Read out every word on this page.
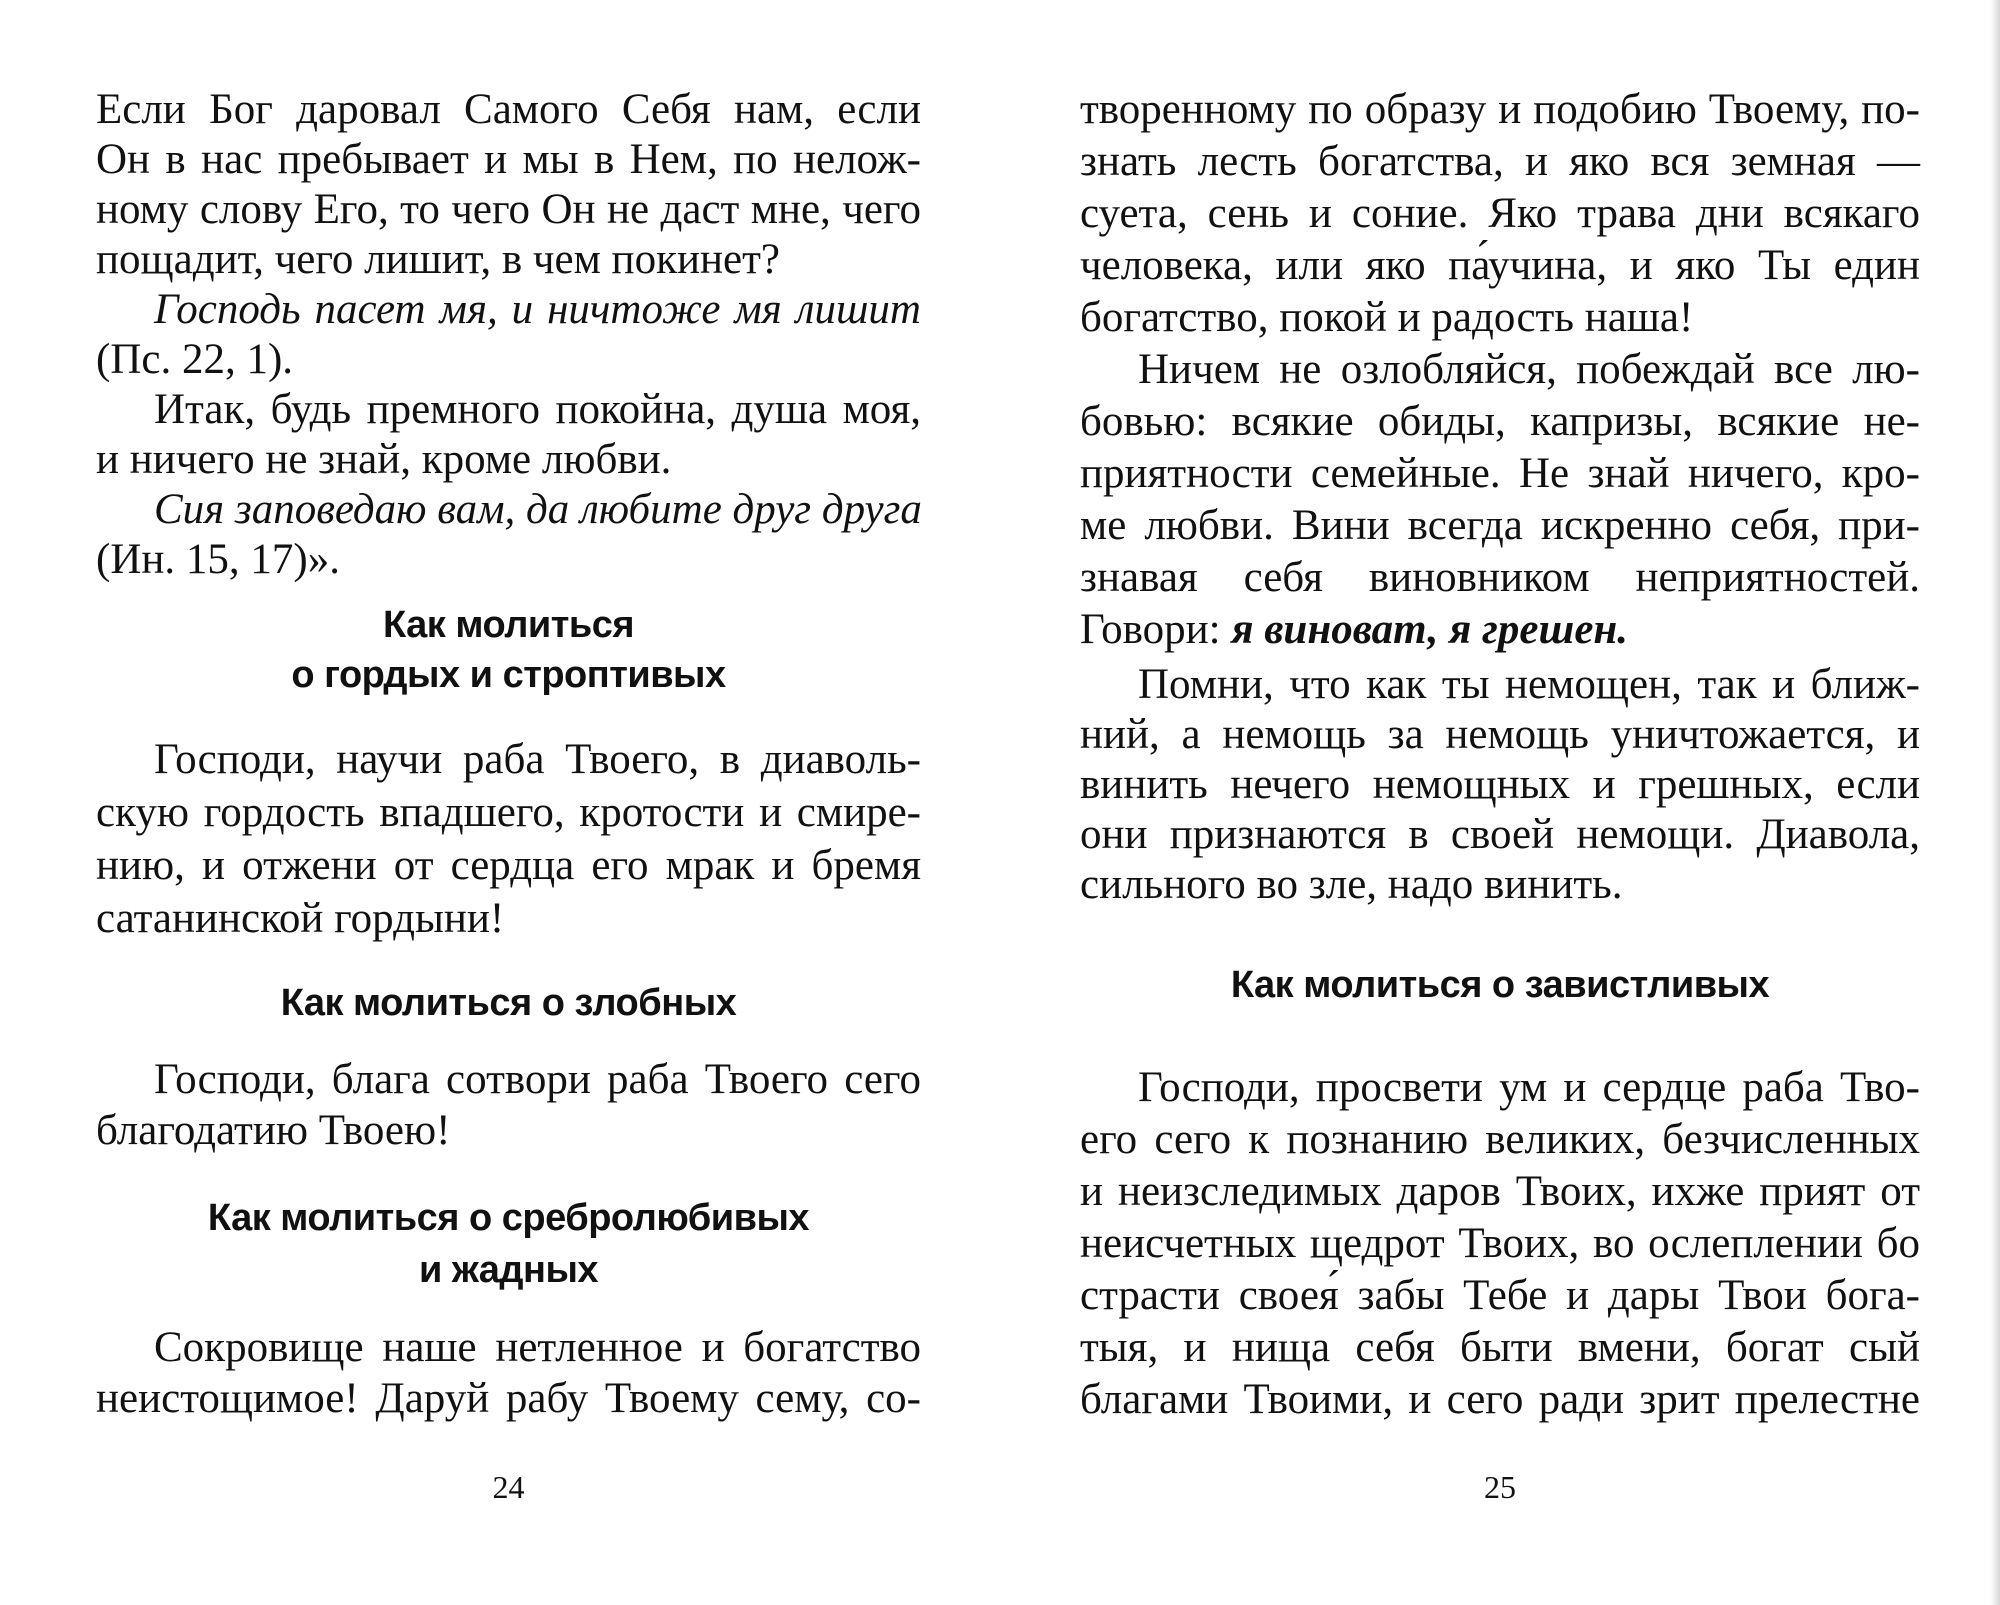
Если Бог даровал Самого Себя нам, если
Он в нас пребывает и мы в Нем, по нелож-
ному слову Его, то чего Он не даст мне, чего
пощадит, чего лишит, в чем покинет?
Господь пасет мя, и ничтоже мя лишит
(Пс. 22, 1).
Итак, будь премного покойна, душа моя,
и ничего не знай, кроме любви.
Сия заповедаю вам, да любите друг друга
(Ин. 15, 17)».
Как молиться
о гордых и строптивых
Господи, научи раба Твоего, в диаволь-
скую гордость впадшего, кротости и смире-
нию, и отжени от сердца его мрак и бремя
сатанинской гордыни!
Как молиться о злобных
Господи, блага сотвори раба Твоего сего
благодатию Твоею!
Как молиться о сребролюбивых
и жадных
Сокровище наше нетленное и богатство
неистощимое! Даруй рабу Твоему сему, со-
24
творенному по образу и подобию Твоему, по-
знать лесть богатства, и яко вся земная —
суета, сень и соние. Яко трава дни всякаго
человека, или яко па́учина, и яко Ты един
богатство, покой и радость наша!
Ничем не озлобляйся, побеждай все лю-
бовью: всякие обиды, капризы, всякие не-
приятности семейные. Не знай ничего, кро-
ме любви. Вини всегда искренно себя, при-
знавая себя виновником неприятностей.
Говори: я виноват, я грешен.
Помни, что как ты немощен, так и ближ-
ний, а немощь за немощь уничтожается, и
винить нечего немощных и грешных, если
они признаются в своей немощи. Диавола,
сильного во зле, надо винить.
Как молиться о завистливых
Господи, просвети ум и сердце раба Тво-
его сего к познанию великих, безчисленных
и неизследимых даров Твоих, ихже прият от
неисчетных щедрот Твоих, во ослеплении бо
страсти своея́ забы Тебе и дары Твои бога-
тыя, и нища себя быти вмени, богат сый
благами Твоими, и сего ради зрит прелестне
25
